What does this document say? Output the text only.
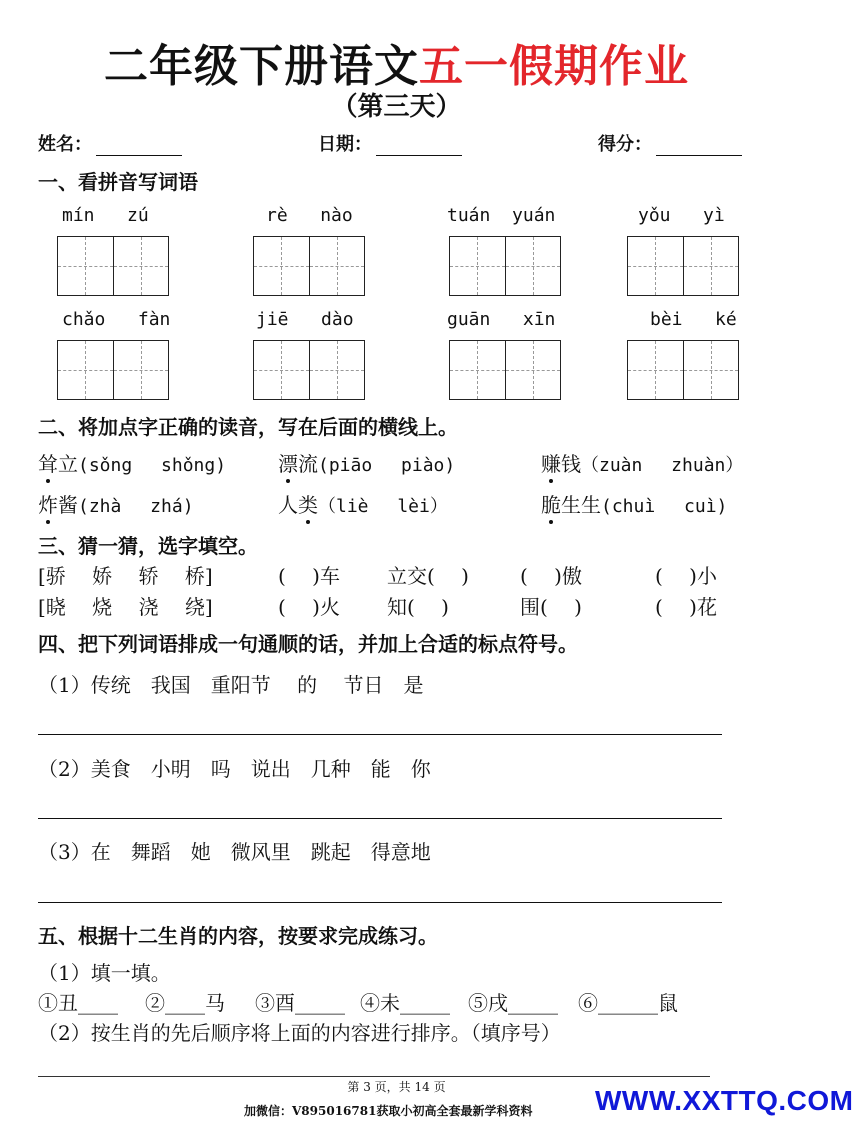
二年级下册语文五一假期作业
（第三天）
姓名：	日期：	得分：
一、看拼音写词语
mín zú	rè nào	tuán yuán	yǒu yì
chǎo fàn	jiē dào	guān xīn	bèi ké
二、将加点字正确的读音，写在后面的横线上。
耸立(sǒng　 shǒng)	漂流(piāo　 piào)	赚钱（zuàn　 zhuàn）
炸酱(zhà　 zhá)	人类（liè　 lèi）	脆生生(chuì　 cuì)
三、猜一猜，选字填空。
[骄　 娇　 轿　 桥]	(　 )车 立交(　 )	(　 )傲	(　 )小
[晓　 烧　 浇　 绕]	(　 )火 知(　 )	围(　 )	(　 )花
四、把下列词语排成一句通顺的话，并加上合适的标点符号。
（1）传统　我国　重阳节　 的　 节日　是
（2）美食　小明　吗　说出　几种　能　你
（3）在　舞蹈　她　微风里　跳起　得意地
五、根据十二生肖的内容，按要求完成练习。
（1）填一填。
①丑____ ②____马 ③酉_____ ④未_____ ⑤戌_____ ⑥______鼠
（2）按生肖的先后顺序将上面的内容进行排序。（填序号）
第 3 页，共 14 页
加微信：V895016781获取小初高全套最新学科资料 WWW.XXTTQ.COM
